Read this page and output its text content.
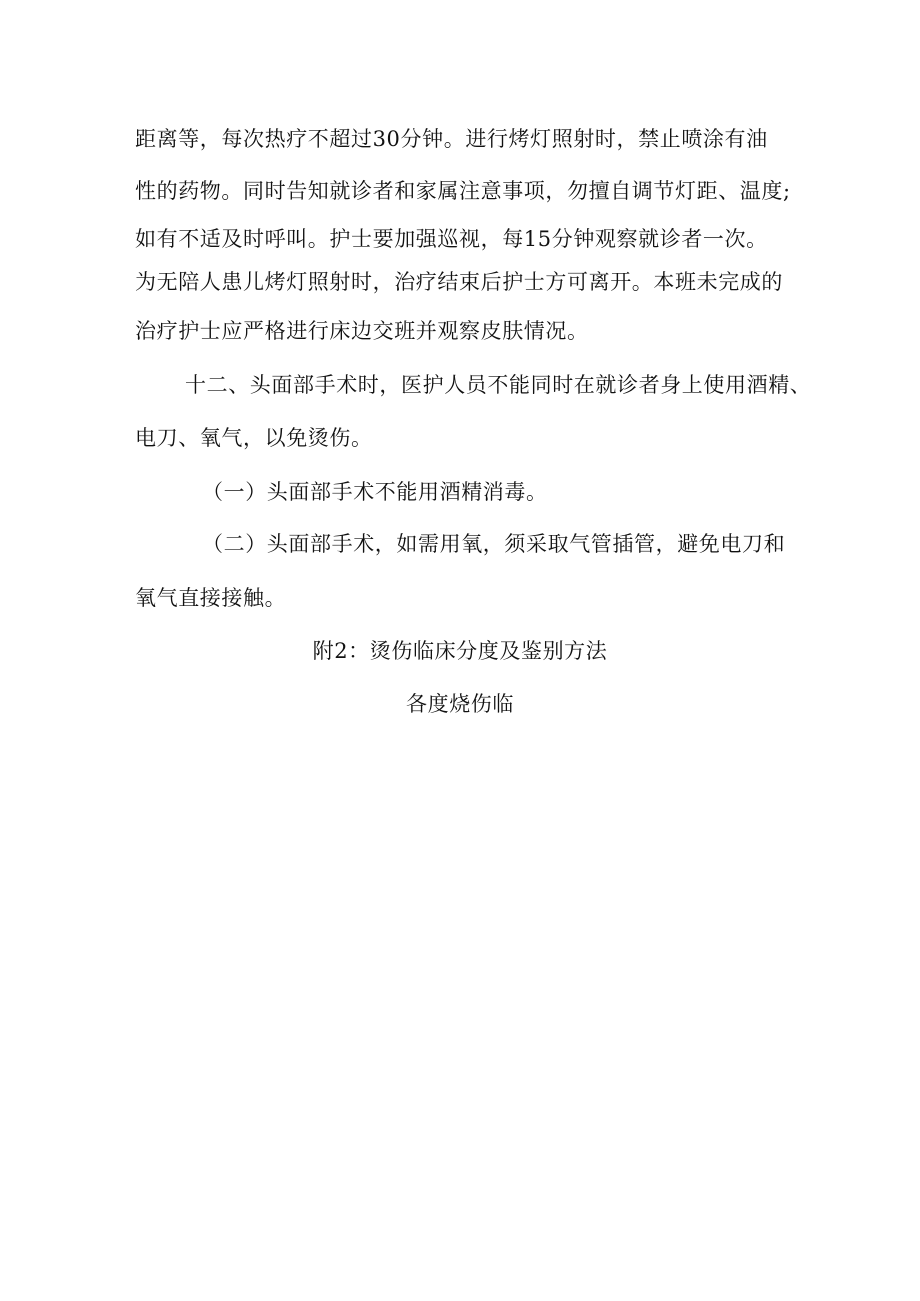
距离等，每次热疗不超过30分钟。进行烤灯照射时，禁止喷涂有油
性的药物。同时告知就诊者和家属注意事项，勿擅自调节灯距、温度;
如有不适及时呼叫。护士要加强巡视，每15分钟观察就诊者一次。
为无陪人患儿烤灯照射时，治疗结束后护士方可离开。本班未完成的
治疗护士应严格进行床边交班并观察皮肤情况。
十二、头面部手术时，医护人员不能同时在就诊者身上使用酒精、
电刀、氧气，以免烫伤。
（一）头面部手术不能用酒精消毒。
（二）头面部手术，如需用氧，须采取气管插管，避免电刀和
氧气直接接触。
附2：烫伤临床分度及鉴别方法
各度烧伤临
